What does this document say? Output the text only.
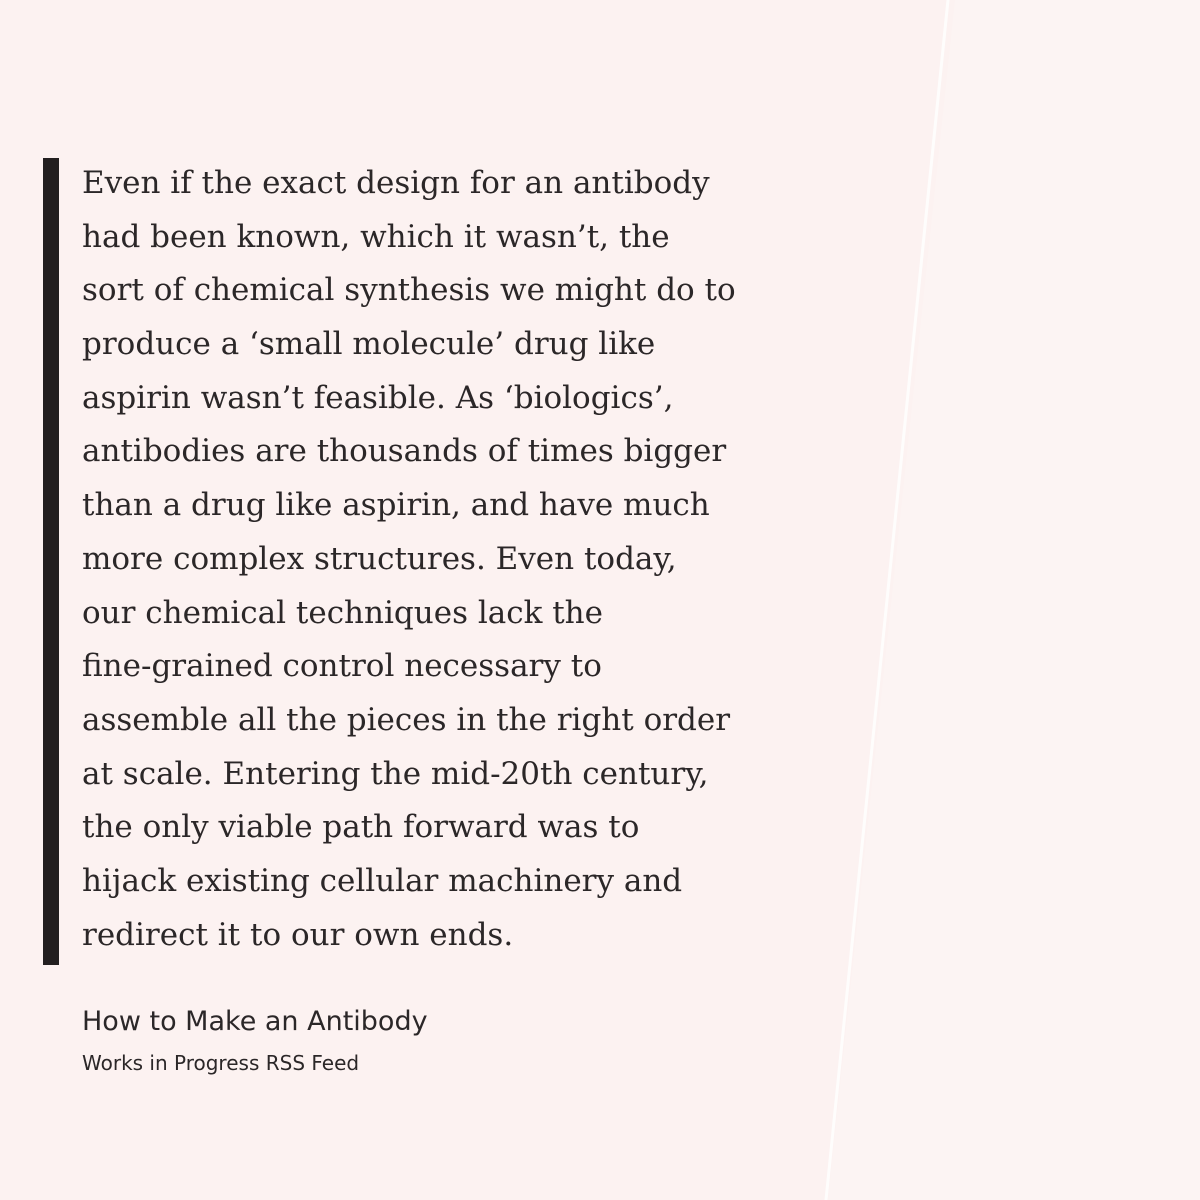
Even if the exact design for an antibody
had been known, which it wasn’t, the
sort of chemical synthesis we might do to
produce a ‘small molecule’ drug like
aspirin wasn’t feasible. As ‘biologics’,
antibodies are thousands of times bigger
than a drug like aspirin, and have much
more complex structures. Even today,
our chemical techniques lack the
fine-grained control necessary to
assemble all the pieces in the right order
at scale. Entering the mid-20th century,
the only viable path forward was to
hijack existing cellular machinery and
redirect it to our own ends.
How to Make an Antibody
Works in Progress RSS Feed
